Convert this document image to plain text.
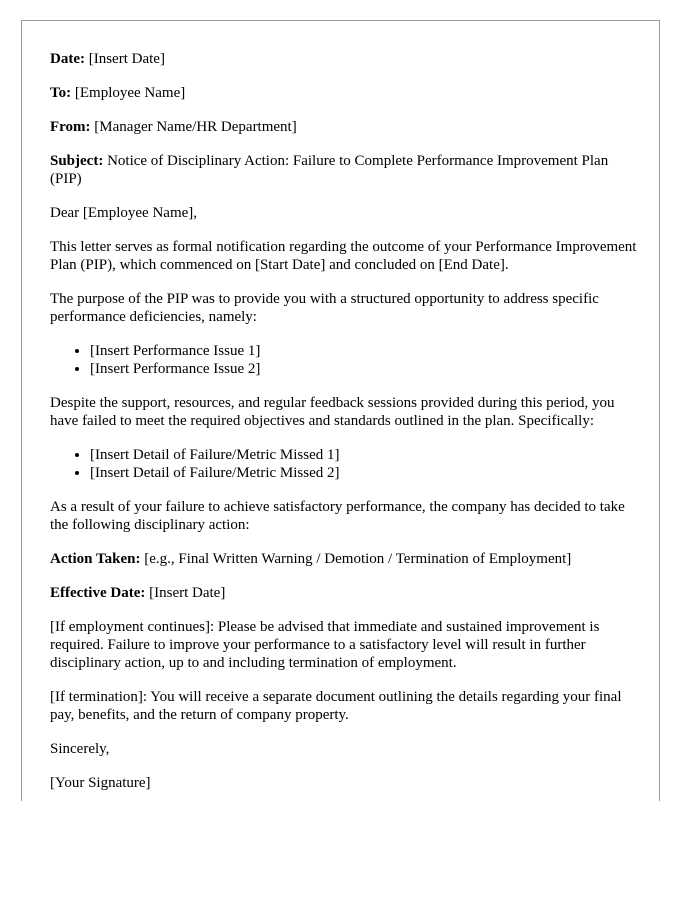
Date: [Insert Date]

To: [Employee Name]

From: [Manager Name/HR Department]

Subject: Notice of Disciplinary Action: Failure to Complete Performance Improvement Plan (PIP)

Dear [Employee Name],

This letter serves as formal notification regarding the outcome of your Performance Improvement Plan (PIP), which commenced on [Start Date] and concluded on [End Date].

The purpose of the PIP was to provide you with a structured opportunity to address specific performance deficiencies, namely:

• [Insert Performance Issue 1]
• [Insert Performance Issue 2]

Despite the support, resources, and regular feedback sessions provided during this period, you have failed to meet the required objectives and standards outlined in the plan. Specifically:

• [Insert Detail of Failure/Metric Missed 1]
• [Insert Detail of Failure/Metric Missed 2]

As a result of your failure to achieve satisfactory performance, the company has decided to take the following disciplinary action:

Action Taken: [e.g., Final Written Warning / Demotion / Termination of Employment]

Effective Date: [Insert Date]

[If employment continues]: Please be advised that immediate and sustained improvement is required. Failure to improve your performance to a satisfactory level will result in further disciplinary action, up to and including termination of employment.

[If termination]: You will receive a separate document outlining the details regarding your final pay, benefits, and the return of company property.

Sincerely,

[Your Signature]
